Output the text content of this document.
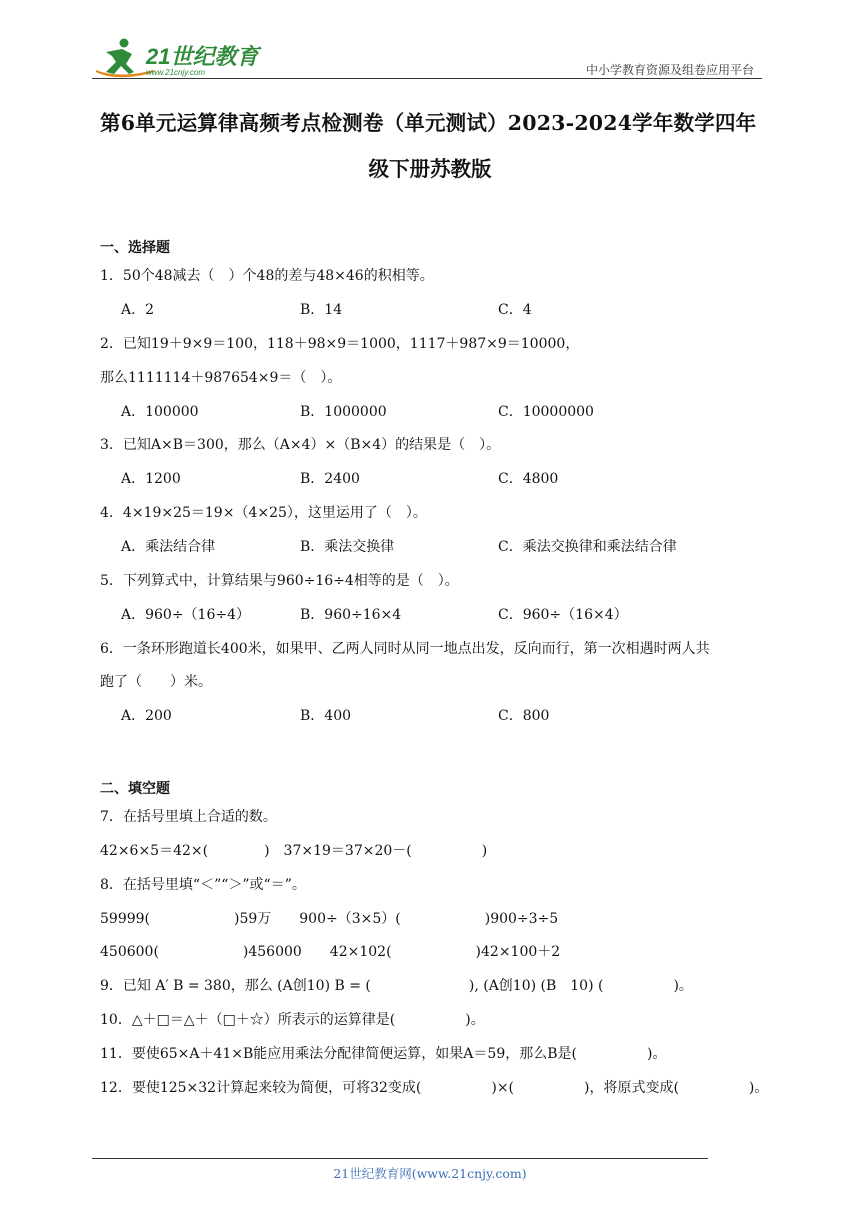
21世纪教育
www.21cnjy.com	中小学教育资源及组卷应用平台
第6单元运算律高频考点检测卷（单元测试）2023-2024学年数学四年
级下册苏教版
一、选择题
1．50个48减去（　）个48的差与48×46的积相等。
A．2	B．14	C．4
2．已知19＋9×9＝100，118＋98×9＝1000，1117＋987×9＝10000，
那么1111114＋987654×9＝（　）。
A．100000	B．1000000	C．10000000
3．已知A×B＝300，那么（A×4）×（B×4）的结果是（　）。
A．1200	B．2400	C．4800
4．4×19×25＝19×（4×25），这里运用了（　）。
A．乘法结合律	B．乘法交换律	C．乘法交换律和乘法结合律
5．下列算式中，计算结果与960÷16÷4相等的是（　）。
A．960÷（16÷4）	B．960÷16×4	C．960÷（16×4）
6．一条环形跑道长400米，如果甲、乙两人同时从同一地点出发，反向而行，第一次相遇时两人共
跑了（　　）米。
A．200	B．400	C．800
二、填空题
7．在括号里填上合适的数。
42×6×5＝42×(　　　　)　37×19＝37×20－(　　　　　)
8．在括号里填“＜”“＞”或“＝”。
59999(　　　　　　)59万　　900÷（3×5）(　　　　　　)900÷3÷5
450600(　　　　　　)456000　　42×102(　　　　　　)42×100＋2
9．已知 A′ B = 380，那么 (A创10) B = (　　　　　　　), (A创10) (B　10) (　　　　　)。
10．△＋□＝△＋（□＋☆）所表示的运算律是(　　　　　)。
11．要使65×A＋41×B能应用乘法分配律简便运算，如果A＝59，那么B是(　　　　　)。
12．要使125×32计算起来较为简便，可将32变成(　　　　　)×(　　　　　)，将原式变成(　　　　　)。
21世纪教育网(www.21cnjy.com)
